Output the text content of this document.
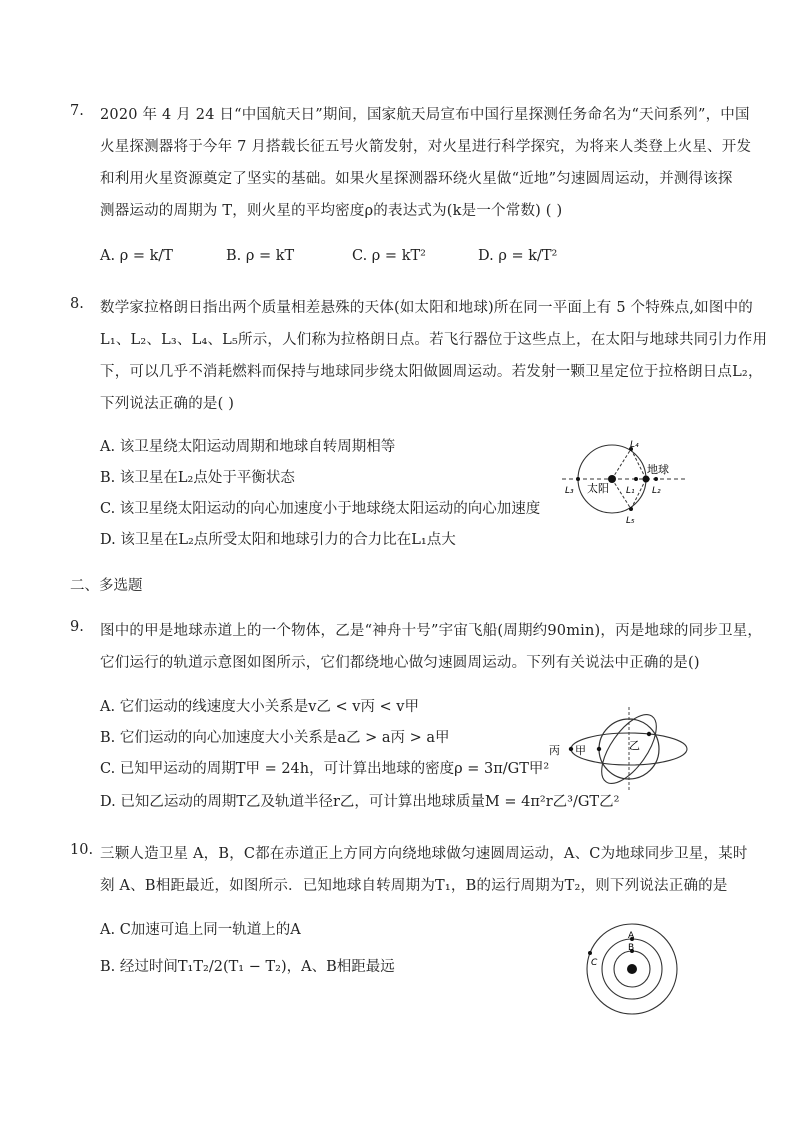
7. 2020 年 4 月 24 日“中国航天日”期间，国家航天局宣布中国行星探测任务命名为“天问系列”，中国
火星探测器将于今年 7 月搭载长征五号火箭发射，对火星进行科学探究，为将来人类登上火星、开发
和利用火星资源奠定了坚实的基础。如果火星探测器环绕火星做“近地”匀速圆周运动，并测得该探
测器运动的周期为 T，则火星的平均密度ρ的表达式为(k是一个常数) ( )
A. ρ = k/T	B. ρ = kT	C. ρ = kT²	D. ρ = k/T²
8. 数学家拉格朗日指出两个质量相差悬殊的天体(如太阳和地球)所在同一平面上有 5 个特殊点,如图中的
L₁、L₂、L₃、L₄、L₅所示，人们称为拉格朗日点。若飞行器位于这些点上，在太阳与地球共同引力作用
下，可以几乎不消耗燃料而保持与地球同步绕太阳做圆周运动。若发射一颗卫星定位于拉格朗日点L₂，
下列说法正确的是( )
A. 该卫星绕太阳运动周期和地球自转周期相等
B. 该卫星在L₂点处于平衡状态
C. 该卫星绕太阳运动的向心加速度小于地球绕太阳运动的向心加速度
D. 该卫星在L₂点所受太阳和地球引力的合力比在L₁点大
太阳
地球
L₃	L₁ L₂
L₄
L₅
二、多选题
9. 图中的甲是地球赤道上的一个物体，乙是“神舟十号”宇宙飞船(周期约90min)，丙是地球的同步卫星，
它们运行的轨道示意图如图所示，它们都绕地心做匀速圆周运动。下列有关说法中正确的是()
A. 它们运动的线速度大小关系是v乙 < v丙 < v甲
B. 它们运动的向心加速度大小关系是a乙 > a丙 > a甲
C. 已知甲运动的周期T甲 = 24h，可计算出地球的密度ρ = 3π/GT甲²
D. 已知乙运动的周期T乙及轨道半径r乙，可计算出地球质量M = 4π²r乙³/GT乙²
丙 甲	乙
10. 三颗人造卫星 A，B，C都在赤道正上方同方向绕地球做匀速圆周运动，A、C为地球同步卫星，某时
刻 A、B相距最近，如图所示．已知地球自转周期为T₁，B的运行周期为T₂，则下列说法正确的是
A. C加速可追上同一轨道上的A
B. 经过时间T₁T₂/2(T₁ − T₂)，A、B相距最远
A
B
C
